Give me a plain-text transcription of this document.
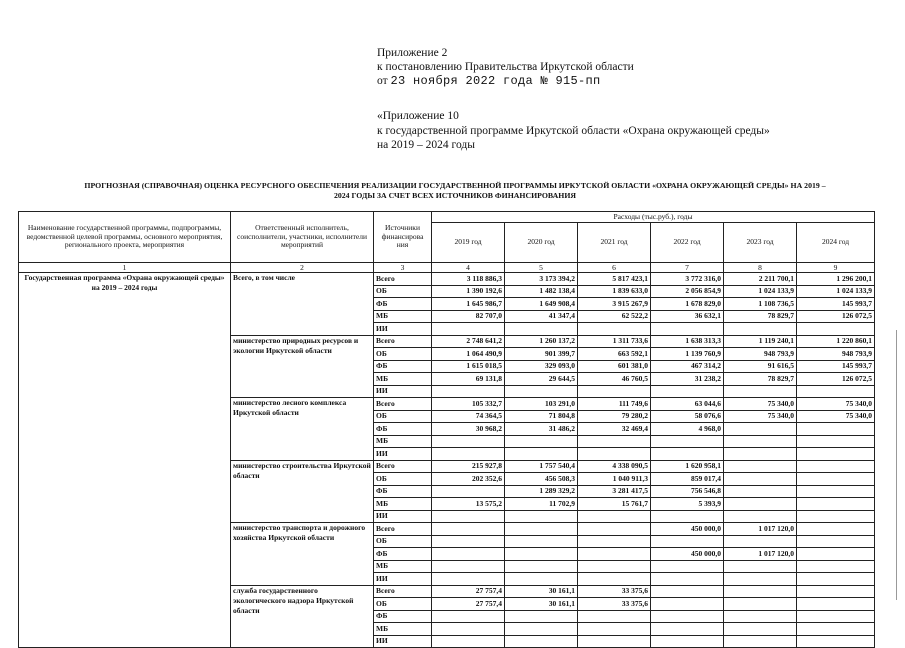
Приложение 2
к постановлению Правительства Иркутской области
от 23 ноября 2022 года № 915-пп
«Приложение 10
к государственной программе Иркутской области «Охрана окружающей среды»
на 2019 – 2024 годы
ПРОГНОЗНАЯ (СПРАВОЧНАЯ) ОЦЕНКА РЕСУРСНОГО ОБЕСПЕЧЕНИЯ РЕАЛИЗАЦИИ ГОСУДАРСТВЕННОЙ ПРОГРАММЫ ИРКУТСКОЙ ОБЛАСТИ «ОХРАНА ОКРУЖАЮЩЕЙ СРЕДЫ» НА 2019 –
2024 ГОДЫ ЗА СЧЕТ ВСЕХ ИСТОЧНИКОВ ФИНАНСИРОВАНИЯ
Наименование государственной программы, подпрограммы, ведомственной целевой программы, основного мероприятия, регионального проекта, мероприятия	Ответственный исполнитель, соисполнители, участники, исполнители мероприятий	Источники финансирова ния	Расходы (тыс.руб.), годы					
			2019 год	2020 год	2021 год	2022 год	2023 год	2024 год
1	2	3	4	5	6	7	8	9
Государственная программа «Охрана окружающей среды» на 2019 – 2024 годы	Всего, в том числе	Всего	3 118 886,3	3 173 394,2	5 817 423,1	3 772 316,0	2 211 700,1	1 296 200,1
		ОБ	1 390 192,6	1 482 138,4	1 839 633,0	2 056 854,9	1 024 133,9	1 024 133,9
		ФБ	1 645 986,7	1 649 908,4	3 915 267,9	1 678 829,0	1 108 736,5	145 993,7
		МБ	82 707,0	41 347,4	62 522,2	36 632,1	78 829,7	126 072,5
		ИИ						
	министерство природных ресурсов и экологии Иркутской области	Всего	2 748 641,2	1 260 137,2	1 311 733,6	1 638 313,3	1 119 240,1	1 220 860,1
		ОБ	1 064 490,9	901 399,7	663 592,1	1 139 760,9	948 793,9	948 793,9
		ФБ	1 615 018,5	329 093,0	601 381,0	467 314,2	91 616,5	145 993,7
		МБ	69 131,8	29 644,5	46 760,5	31 238,2	78 829,7	126 072,5
		ИИ						
	министерство лесного комплекса Иркутской области	Всего	105 332,7	103 291,0	111 749,6	63 044,6	75 340,0	75 340,0
		ОБ	74 364,5	71 804,8	79 280,2	58 076,6	75 340,0	75 340,0
		ФБ	30 968,2	31 486,2	32 469,4	4 968,0		
		МБ						
		ИИ						
	министерство строительства Иркутской области	Всего	215 927,8	1 757 540,4	4 338 090,5	1 620 958,1		
		ОБ	202 352,6	456 508,3	1 040 911,3	859 017,4		
		ФБ		1 289 329,2	3 281 417,5	756 546,8		
		МБ	13 575,2	11 702,9	15 761,7	5 393,9		
		ИИ						
	министерство транспорта и дорожного хозяйства Иркутской области	Всего				450 000,0	1 017 120,0	
		ОБ						
		ФБ				450 000,0	1 017 120,0	
		МБ						
		ИИ						
	служба государственного экологического надзора Иркутской области	Всего	27 757,4	30 161,1	33 375,6			
		ОБ	27 757,4	30 161,1	33 375,6			
		ФБ						
		МБ						
		ИИ						
